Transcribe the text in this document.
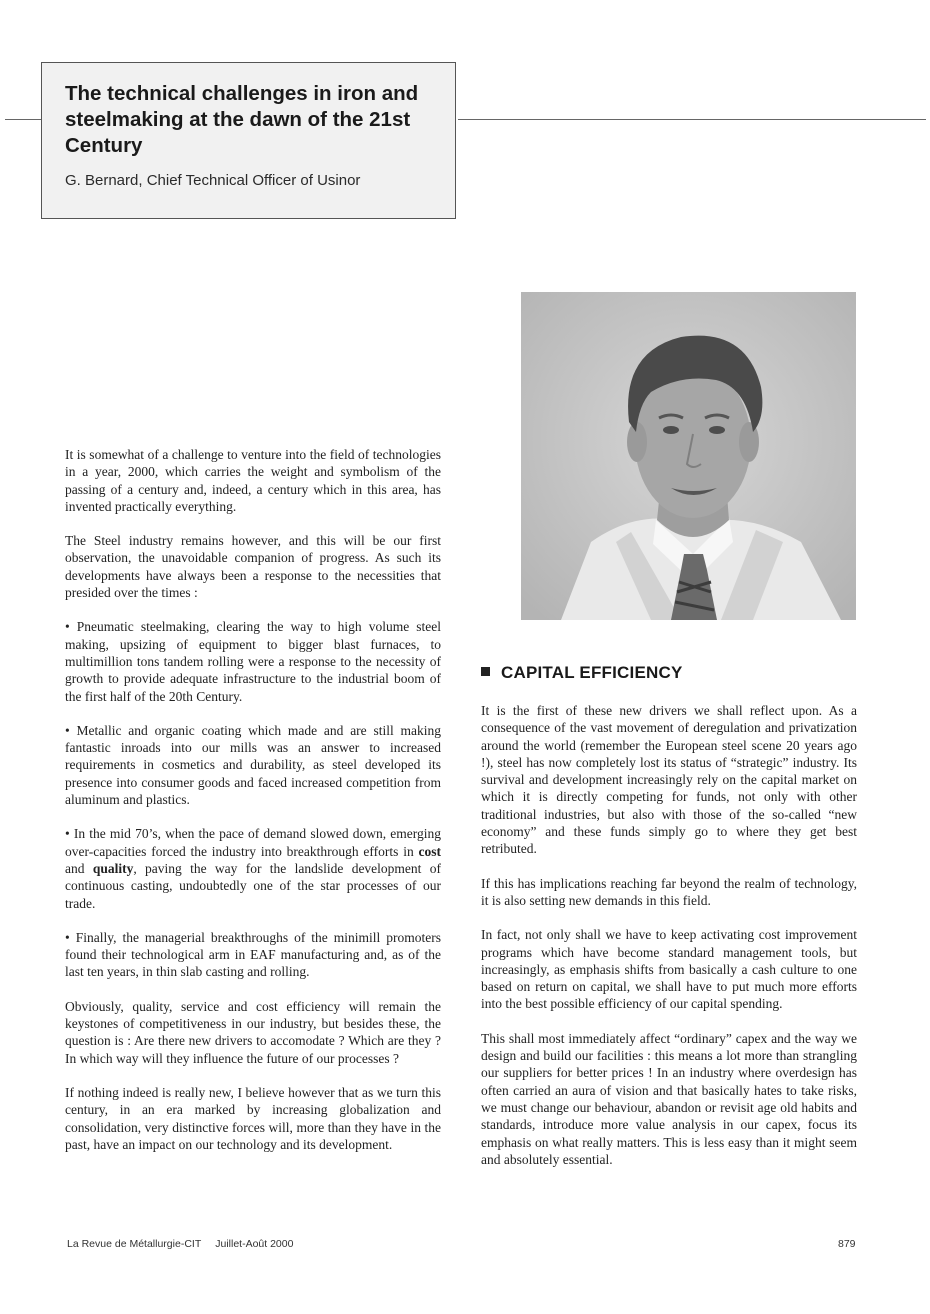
The technical challenges in iron and steelmaking at the dawn of the 21st Century

G. Bernard, Chief Technical Officer of Usinor

It is somewhat of a challenge to venture into the field of technologies in a year, 2000, which carries the weight and symbolism of the passing of a century and, indeed, a century which in this area, has invented practically everything.

The Steel industry remains however, and this will be our first observation, the unavoidable companion of progress. As such its developments have always been a response to the necessities that presided over the times :

• Pneumatic steelmaking, clearing the way to high volume steel making, upsizing of equipment to bigger blast furnaces, to multimillion tons tandem rolling were a response to the necessity of growth to provide adequate infrastructure to the industrial boom of the first half of the 20th Century.

• Metallic and organic coating which made and are still making fantastic inroads into our mills was an answer to increased requirements in cosmetics and durability, as steel developed its presence into consumer goods and faced increased competition from aluminum and plastics.

• In the mid 70’s, when the pace of demand slowed down, emerging over-capacities forced the industry into breakthrough efforts in cost and quality, paving the way for the landslide development of continuous casting, undoubtedly one of the star processes of our trade.

• Finally, the managerial breakthroughs of the minimill promoters found their technological arm in EAF manufacturing and, as of the last ten years, in thin slab casting and rolling.

Obviously, quality, service and cost efficiency will remain the keystones of competitiveness in our industry, but besides these, the question is : Are there new drivers to accomodate ? Which are they ? In which way will they influence the future of our processes ?

If nothing indeed is really new, I believe however that as we turn this century, in an era marked by increasing globalization and consolidation, very distinctive forces will, more than they have in the past, have an impact on our technology and its development.

CAPITAL EFFICIENCY

It is the first of these new drivers we shall reflect upon. As a consequence of the vast movement of deregulation and privatization around the world (remember the European steel scene 20 years ago !), steel has now completely lost its status of “strategic” industry. Its survival and development increasingly rely on the capital market on which it is directly competing for funds, not only with other traditional industries, but also with those of the so-called “new economy” and these funds simply go to where they get best retributed.

If this has implications reaching far beyond the realm of technology, it is also setting new demands in this field.

In fact, not only shall we have to keep activating cost improvement programs which have become standard management tools, but increasingly, as emphasis shifts from basically a cash culture to one based on return on capital, we shall have to put much more efforts into the best possible efficiency of our capital spending.

This shall most immediately affect “ordinary” capex and the way we design and build our facilities : this means a lot more than strangling our suppliers for better prices ! In an industry where overdesign has often carried an aura of vision and that basically hates to take risks, we must change our behaviour, abandon or revisit age old habits and standards, introduce more value analysis in our capex, focus its emphasis on what really matters. This is less easy than it might seem and absolutely essential.

La Revue de Métallurgie-CIT Juillet-Août 2000	879
